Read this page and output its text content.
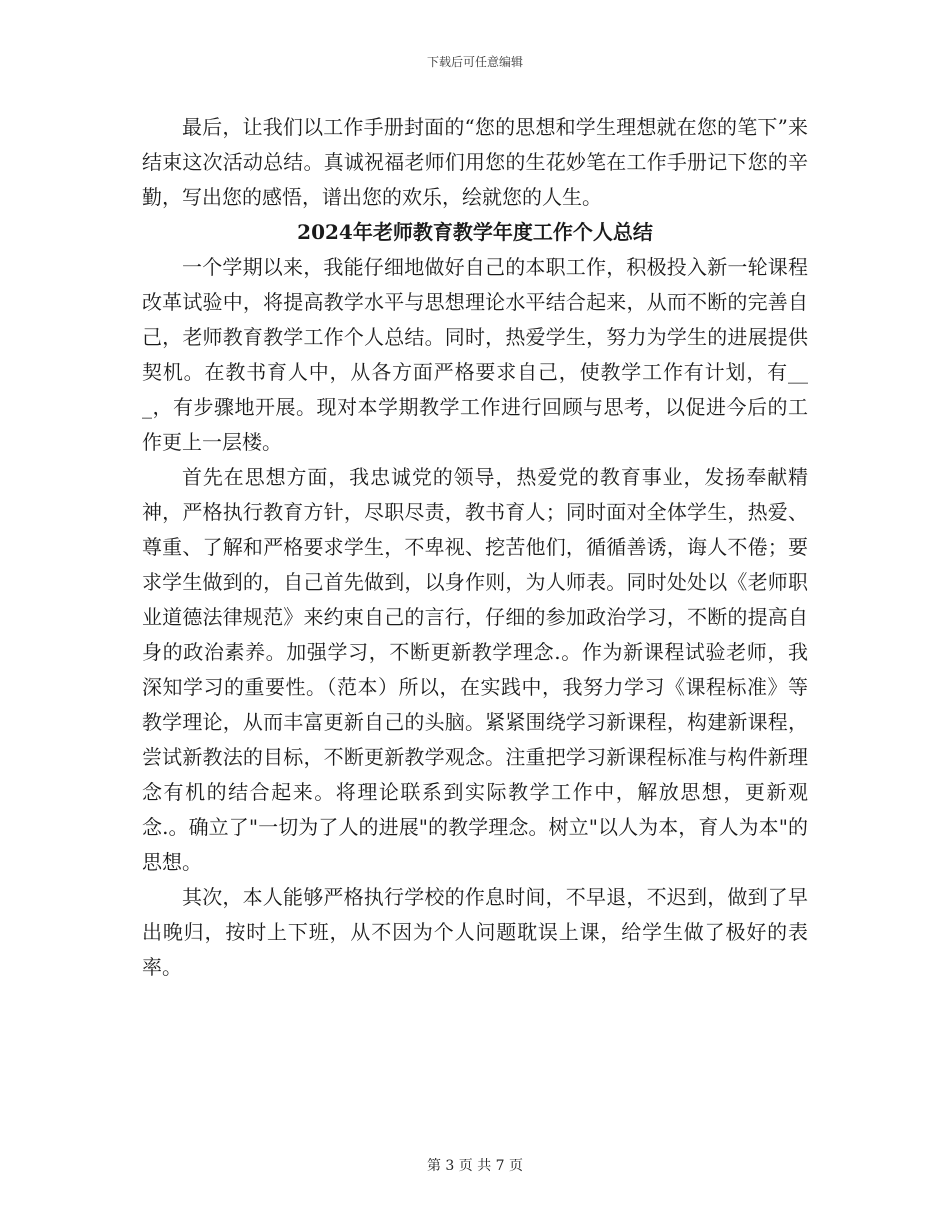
下载后可任意编辑

最后，让我们以工作手册封面的“您的思想和学生理想就在您的笔下”来结束这次活动总结。真诚祝福老师们用您的生花妙笔在工作手册记下您的辛勤，写出您的感悟，谱出您的欢乐，绘就您的人生。

2024年老师教育教学年度工作个人总结

一个学期以来，我能仔细地做好自己的本职工作，积极投入新一轮课程改革试验中，将提高教学水平与思想理论水平结合起来，从而不断的完善自己，老师教育教学工作个人总结。同时，热爱学生，努力为学生的进展提供契机。在教书育人中，从各方面严格要求自己，使教学工作有计划，有___，有步骤地开展。现对本学期教学工作进行回顾与思考，以促进今后的工作更上一层楼。

首先在思想方面，我忠诚党的领导，热爱党的教育事业，发扬奉献精神，严格执行教育方针，尽职尽责，教书育人；同时面对全体学生，热爱、尊重、了解和严格要求学生，不卑视、挖苦他们，循循善诱，诲人不倦；要求学生做到的，自己首先做到，以身作则，为人师表。同时处处以《老师职业道德法律规范》来约束自己的言行，仔细的参加政治学习，不断的提高自身的政治素养。加强学习，不断更新教学理念.。作为新课程试验老师，我深知学习的重要性。（范本）所以，在实践中，我努力学习《课程标准》等教学理论，从而丰富更新自己的头脑。紧紧围绕学习新课程，构建新课程，尝试新教法的目标，不断更新教学观念。注重把学习新课程标准与构件新理念有机的结合起来。将理论联系到实际教学工作中，解放思想，更新观念.。确立了"一切为了人的进展"的教学理念。树立"以人为本，育人为本"的思想。

其次，本人能够严格执行学校的作息时间，不早退，不迟到，做到了早出晚归，按时上下班，从不因为个人问题耽误上课，给学生做了极好的表率。

第 3 页 共 7 页
